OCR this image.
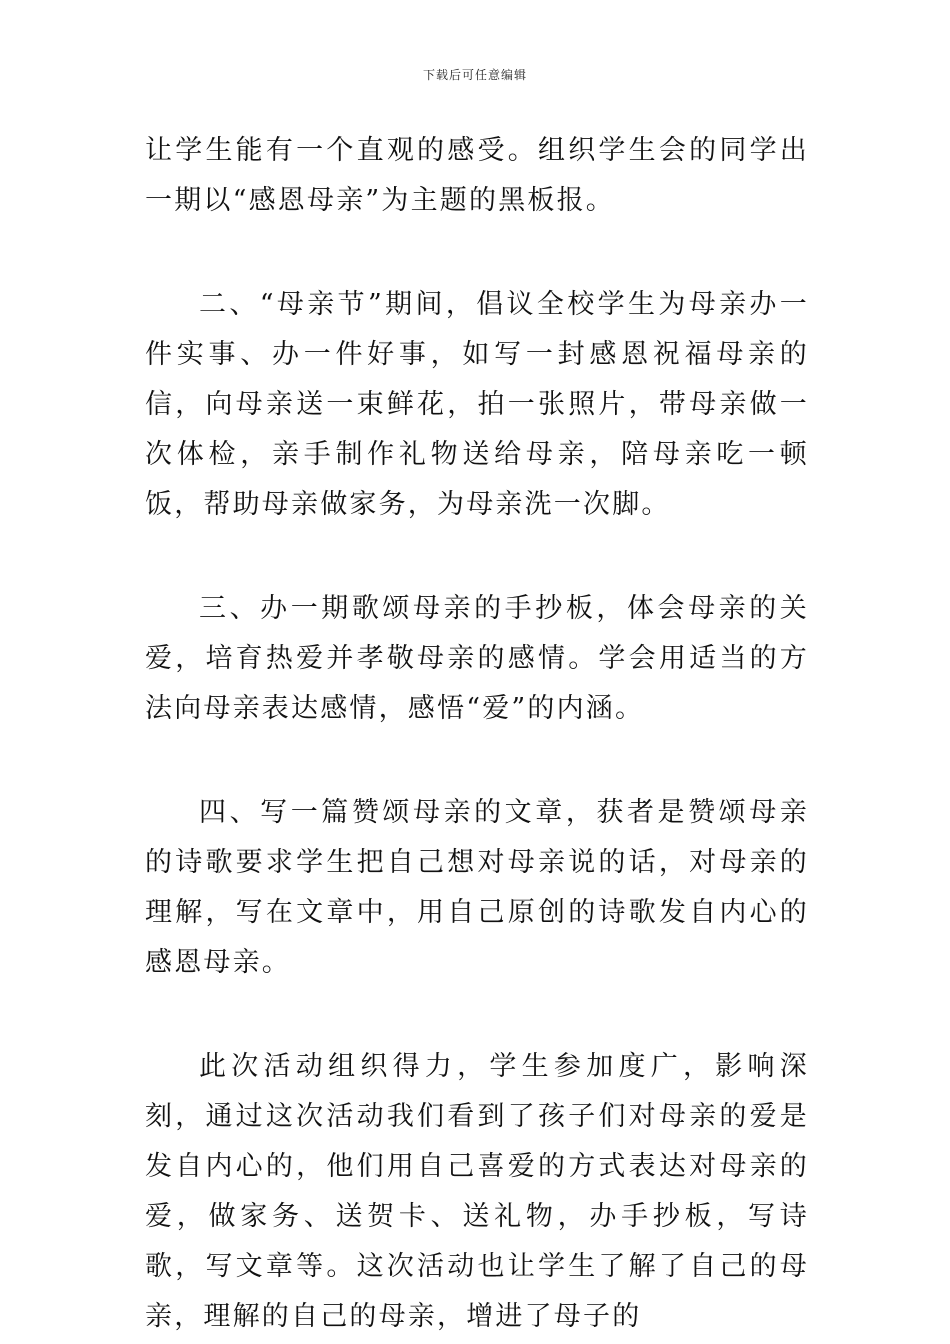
下载后可任意编辑

让学生能有一个直观的感受。组织学生会的同学出一期以“感恩母亲”为主题的黑板报。

二、“母亲节”期间，倡议全校学生为母亲办一件实事、办一件好事，如写一封感恩祝福母亲的信，向母亲送一束鲜花，拍一张照片，带母亲做一次体检，亲手制作礼物送给母亲，陪母亲吃一顿饭，帮助母亲做家务，为母亲洗一次脚。

三、办一期歌颂母亲的手抄板，体会母亲的关爱，培育热爱并孝敬母亲的感情。学会用适当的方法向母亲表达感情，感悟“爱”的内涵。

四、写一篇赞颂母亲的文章，获者是赞颂母亲的诗歌要求学生把自己想对母亲说的话，对母亲的理解，写在文章中，用自己原创的诗歌发自内心的感恩母亲。

此次活动组织得力，学生参加度广，影响深刻，通过这次活动我们看到了孩子们对母亲的爱是发自内心的，他们用自己喜爱的方式表达对母亲的爱，做家务、送贺卡、送礼物，办手抄板，写诗歌，写文章等。这次活动也让学生了解了自己的母亲，理解的自己的母亲，增进了母子的
